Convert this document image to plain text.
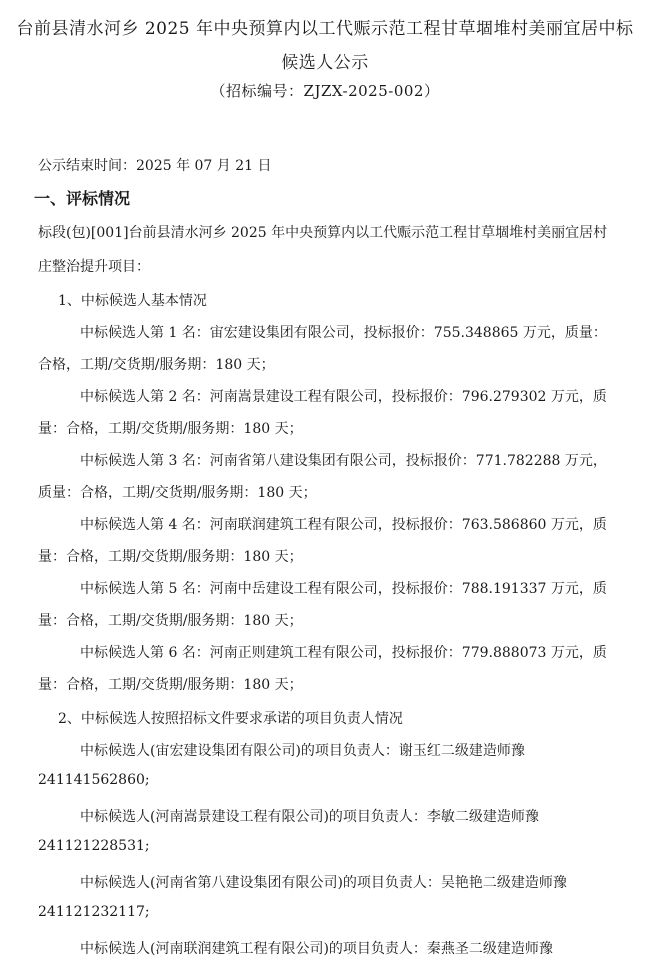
台前县清水河乡 2025 年中央预算内以工代赈示范工程甘草堌堆村美丽宜居中标
候选人公示
（招标编号：ZJZX-2025-002）
公示结束时间：2025 年 07 月 21 日
一、评标情况
标段(包)[001]台前县清水河乡 2025 年中央预算内以工代赈示范工程甘草堌堆村美丽宜居村
庄整治提升项目：
1、中标候选人基本情况
中标候选人第 1 名：宙宏建设集团有限公司，投标报价：755.348865 万元，质量：
合格，工期/交货期/服务期：180 天；
中标候选人第 2 名：河南嵩景建设工程有限公司，投标报价：796.279302 万元，质
量：合格，工期/交货期/服务期：180 天；
中标候选人第 3 名：河南省第八建设集团有限公司，投标报价：771.782288 万元，
质量：合格，工期/交货期/服务期：180 天；
中标候选人第 4 名：河南联润建筑工程有限公司，投标报价：763.586860 万元，质
量：合格，工期/交货期/服务期：180 天；
中标候选人第 5 名：河南中岳建设工程有限公司，投标报价：788.191337 万元，质
量：合格，工期/交货期/服务期：180 天；
中标候选人第 6 名：河南正则建筑工程有限公司，投标报价：779.888073 万元，质
量：合格，工期/交货期/服务期：180 天；
2、中标候选人按照招标文件要求承诺的项目负责人情况
中标候选人(宙宏建设集团有限公司)的项目负责人：谢玉红二级建造师豫
241141562860;
中标候选人(河南嵩景建设工程有限公司)的项目负责人：李敏二级建造师豫
241121228531;
中标候选人(河南省第八建设集团有限公司)的项目负责人：吴艳艳二级建造师豫
241121232117;
中标候选人(河南联润建筑工程有限公司)的项目负责人：秦燕圣二级建造师豫
